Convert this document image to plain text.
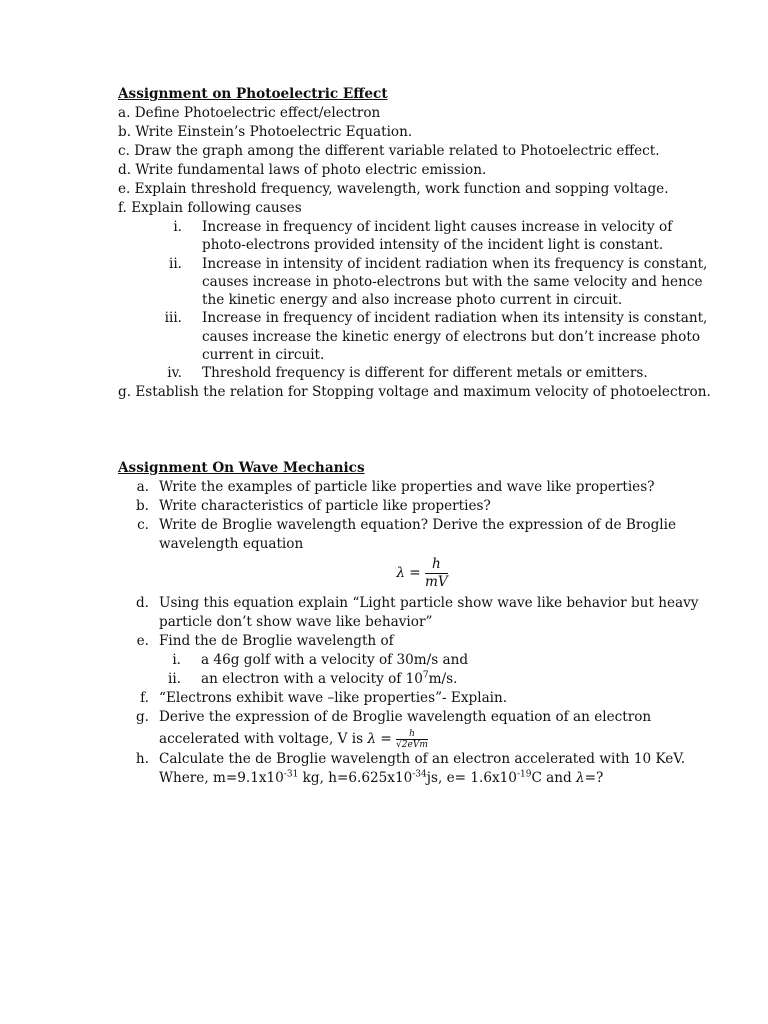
Assignment on Photoelectric Effect
a. Define Photoelectric effect/electron
b. Write Einstein’s Photoelectric Equation.
c. Draw the graph among the different variable related to Photoelectric effect.
d. Write fundamental laws of photo electric emission.
e. Explain threshold frequency, wavelength, work function and sopping voltage.
f. Explain following causes
i. Increase in frequency of incident light causes increase in velocity of
photo-electrons provided intensity of the incident light is constant.
ii. Increase in intensity of incident radiation when its frequency is constant,
causes increase in photo-electrons but with the same velocity and hence
the kinetic energy and also increase photo current in circuit.
iii. Increase in frequency of incident radiation when its intensity is constant,
causes increase the kinetic energy of electrons but don’t increase photo
current in circuit.
iv. Threshold frequency is different for different metals or emitters.
g. Establish the relation for Stopping voltage and maximum velocity of photoelectron.
Assignment On Wave Mechanics
a. Write the examples of particle like properties and wave like properties?
b. Write characteristics of particle like properties?
c. Write de Broglie wavelength equation? Derive the expression of de Broglie
wavelength equation
$\lambda = \frac{h}{mV}$
d. Using this equation explain “Light particle show wave like behavior but heavy
particle don’t show wave like behavior”
e. Find the de Broglie wavelength of
i. a 46g golf with a velocity of 30m/s and
ii. an electron with a velocity of $10^7m/s$.
f. “Electrons exhibit wave –like properties”- Explain.
g. Derive the expression of de Broglie wavelength equation of an electron
accelerated with voltage, V is $\lambda = \frac{h}{\text{√2eVm}}$
h. Calculate the de Broglie wavelength of an electron accelerated with 10 KeV.
Where, $m=9.1x10^{-31}$ kg, $h=6.625x10^{-34}js$, $e= 1.6x10^{-19}C$ and λ=?
